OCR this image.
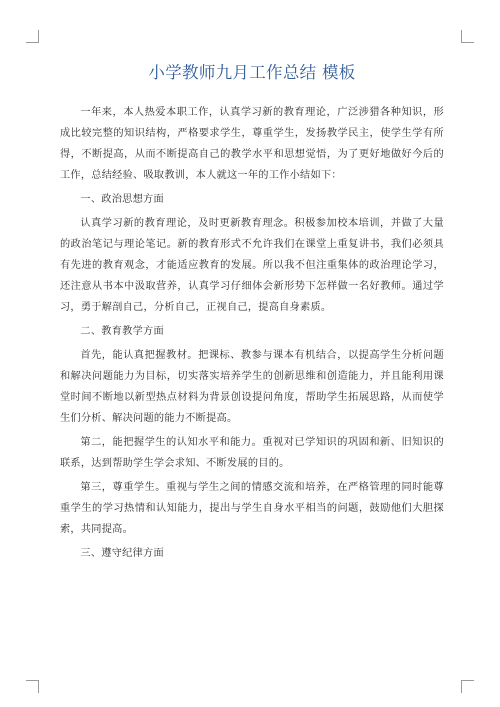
小学教师九月工作总结 模板

一年来，本人热爱本职工作，认真学习新的教育理论，广泛涉猎各种知识，形成比较完整的知识结构，严格要求学生，尊重学生，发扬教学民主，使学生学有所得，不断提高，从而不断提高自己的教学水平和思想觉悟，为了更好地做好今后的工作，总结经验、吸取教训，本人就这一年的工作小结如下：

一、政治思想方面

认真学习新的教育理论，及时更新教育理念。积极参加校本培训，并做了大量的政治笔记与理论笔记。新的教育形式不允许我们在课堂上重复讲书，我们必须具有先进的教育观念，才能适应教育的发展。所以我不但注重集体的政治理论学习，还注意从书本中汲取营养，认真学习仔细体会新形势下怎样做一名好教师。通过学习，勇于解剖自己，分析自己，正视自己，提高自身素质。

二、教育教学方面

首先，能认真把握教材。把课标、教参与课本有机结合，以提高学生分析问题和解决问题能力为目标，切实落实培养学生的创新思维和创造能力，并且能利用课堂时间不断地以新型热点材料为背景创设提问角度，帮助学生拓展思路，从而使学生们分析、解决问题的能力不断提高。

第二，能把握学生的认知水平和能力。重视对已学知识的巩固和新、旧知识的联系，达到帮助学生学会求知、不断发展的目的。

第三，尊重学生。重视与学生之间的情感交流和培养，在严格管理的同时能尊重学生的学习热情和认知能力，提出与学生自身水平相当的问题，鼓励他们大胆探索，共同提高。

三、遵守纪律方面
